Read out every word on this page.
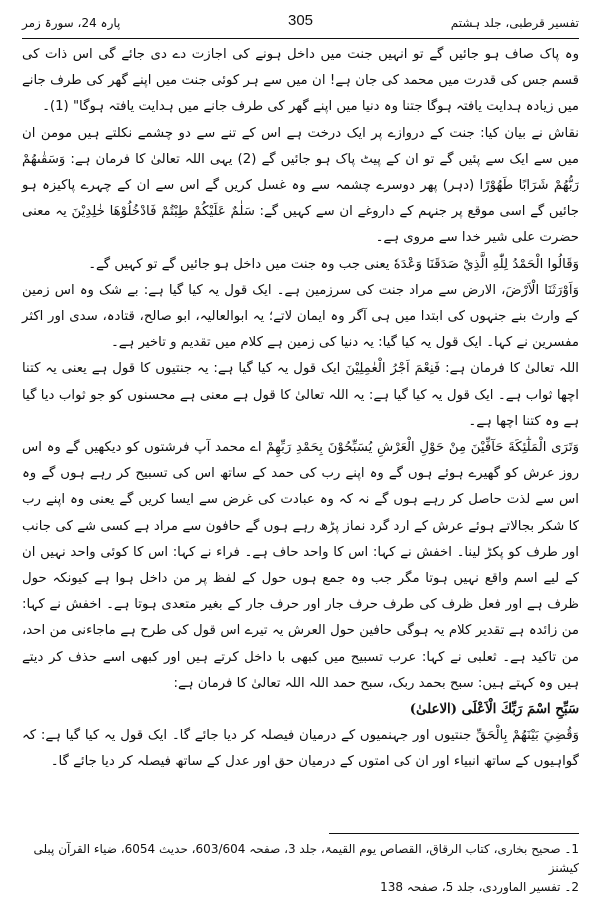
پارہ 24، سورۃ زمر	305	تفسیر قرطبی، جلد ہشتم

وہ پاک صاف ہو جائیں گے تو انہیں جنت میں داخل ہونے کی اجازت دے دی جائے گی اس ذات کی قسم جس کی قدرت میں محمد کی جان ہے! ان میں سے ہر کوئی جنت میں اپنے گھر کی طرف جانے میں زیادہ ہدایت یافتہ ہوگا جتنا وہ دنیا میں اپنے گھر کی طرف جانے میں ہدایت یافتہ ہوگا" (1)۔

نقاش نے بیان کیا: جنت کے دروازے پر ایک درخت ہے اس کے تنے سے دو چشمے نکلتے ہیں مومن ان میں سے ایک سے پئیں گے تو ان کے پیٹ پاک ہو جائیں گے (2) یہی اللہ تعالیٰ کا فرمان ہے: وَسَقٰىهُمْ رَبُّهُمْ شَرَابًا طَهُوْرًا (دہر) پھر دوسرے چشمہ سے وہ غسل کریں گے اس سے ان کے چہرے پاکیزہ ہو جائیں گے اسی موقع پر جنہم کے داروغے ان سے کہیں گے: سَلٰمٌ عَلَيْكُمْ طِبْتُمْ فَادْخُلُوْهَا خٰلِدِيْنَ یہ معنی حضرت علی شیر خدا سے مروی ہے۔

وَقَالُوا الْحَمْدُ لِلّٰهِ الَّذِيْ صَدَقَنَا وَعْدَهٗ یعنی جب وہ جنت میں داخل ہو جائیں گے تو کہیں گے۔

وَاَوْرَثَنَا الْاَرْضَ، الارض سے مراد جنت کی سرزمین ہے۔ ایک قول یہ کیا گیا ہے: بے شک وہ اس زمین کے وارث بنے جنہوں کی ابتدا میں ہی آگر وہ ایمان لاتے؛ یہ ابوالعالیہ، ابو صالح، قتادہ، سدی اور اکثر مفسرین نے کہا۔ ایک قول یہ کیا گیا: یہ دنیا کی زمین ہے کلام میں تقدیم و تاخیر ہے۔

اللہ تعالیٰ کا فرمان ہے: فَنِعْمَ اَجْرُ الْعٰمِلِيْنَ ایک قول یہ کیا گیا ہے: یہ جنتیوں کا قول ہے یعنی یہ کتنا اچھا ثواب ہے۔ ایک قول یہ کیا گیا ہے: یہ اللہ تعالیٰ کا قول ہے معنی ہے محسنوں کو جو ثواب دیا گیا ہے وہ کتنا اچھا ہے۔

وَتَرَى الْمَلٰٓئِكَةَ حَآفِّيْنَ مِنْ حَوْلِ الْعَرْشِ يُسَبِّحُوْنَ بِحَمْدِ رَبِّهِمْ اے محمد آپ فرشتوں کو دیکھیں گے وہ اس روز عرش کو گھیرے ہوئے ہوں گے وہ اپنے رب کی حمد کے ساتھ اس کی تسبیح کر رہے ہوں گے وہ اس سے لذت حاصل کر رہے ہوں گے نہ کہ وہ عبادت کی غرض سے ایسا کریں گے یعنی وہ اپنے رب کا شکر بجالاتے ہوئے عرش کے ارد گرد نماز پڑھ رہے ہوں گے حافون سے مراد ہے کسی شے کی جانب اور طرف کو پکڑ لینا۔ اخفش نے کہا: اس کا واحد حاف ہے۔ فراء نے کہا: اس کا کوئی واحد نہیں ان کے لیے اسم واقع نہیں ہوتا مگر جب وہ جمع ہوں حول کے لفظ پر من داخل ہوا ہے کیونکہ حول ظرف ہے اور فعل ظرف کی طرف حرف جار اور حرف جار کے بغیر متعدی ہوتا ہے۔ اخفش نے کہا: من زائدہ ہے تقدیر کلام یہ ہوگی حافین حول العرش یہ تیرے اس قول کی طرح ہے ماجاءنی من احد، من تاکید ہے۔ ثعلبی نے کہا: عرب تسبیح میں کبھی با داخل کرتے ہیں اور کبھی اسے حذف کر دیتے ہیں وہ کہتے ہیں: سبح بحمد ربک، سبح حمد اللہ اللہ تعالیٰ کا فرمان ہے:

سَبِّحِ اسْمَ رَبِّكَ الْاَعْلَى (الاعلیٰ)

وَقُضِيَ بَيْنَهُمْ بِالْحَقِّ جنتیوں اور جہنمیوں کے درمیان فیصلہ کر دیا جائے گا۔ ایک قول یہ کیا گیا ہے: کہ گواہیوں کے ساتھ انبیاء اور ان کی امتوں کے درمیان حق اور عدل کے ساتھ فیصلہ کر دیا جائے گا۔

1۔ صحیح بخاری، کتاب الرقاق، القصاص یوم القیمۃ، جلد 3، صفحہ 603/604، حدیث 6054، ضیاء القرآن پبلی کیشنز

2۔ تفسیر الماوردی، جلد 5، صفحہ 138
